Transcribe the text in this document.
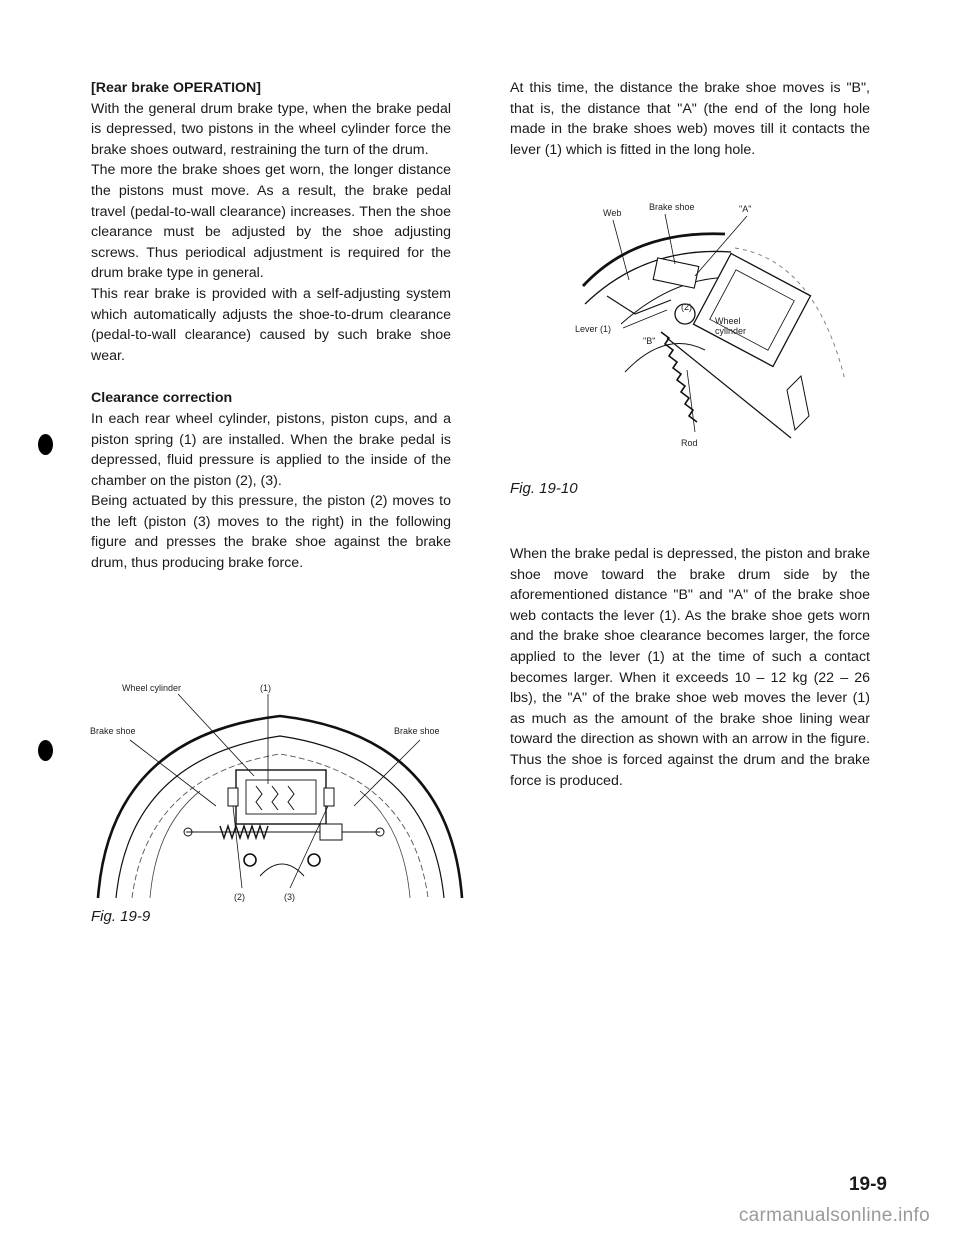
[Rear brake OPERATION]

With the general drum brake type, when the brake pedal is depressed, two pistons in the wheel cylinder force the brake shoes outward, restraining the turn of the drum.

The more the brake shoes get worn, the longer distance the pistons must move. As a result, the brake pedal travel (pedal-to-wall clearance) increases. Then the shoe clearance must be adjusted by the shoe adjusting screws. Thus periodical adjustment is required for the drum brake type in general.

This rear brake is provided with a self-adjusting system which automatically adjusts the shoe-to-drum clearance (pedal-to-wall clearance) caused by such brake shoe wear.

Clearance correction

In each rear wheel cylinder, pistons, piston cups, and a piston spring (1) are installed. When the brake pedal is depressed, fluid pressure is applied to the inside of the chamber on the piston (2), (3).

Being actuated by this pressure, the piston (2) moves to the left (piston (3) moves to the right) in the following figure and presses the brake shoe against the brake drum, thus producing brake force.

Wheel cylinder	(1)
Brake shoe	Brake shoe
(2)	(3)
Fig. 19-9

At this time, the distance the brake shoe moves is "B", that is, the distance that "A" (the end of the long hole made in the brake shoes web) moves till it contacts the lever (1) which is fitted in the long hole.

Web
Brake shoe	"A"
Lever (1)
"B"
(2)
Wheel
cylinder
Rod
Fig. 19-10

When the brake pedal is depressed, the piston and brake shoe move toward the brake drum side by the aforementioned distance "B" and "A" of the brake shoe web contacts the lever (1). As the brake shoe gets worn and the brake shoe clearance becomes larger, the force applied to the lever (1) at the time of such a contact becomes larger. When it exceeds 10 – 12 kg (22 – 26 lbs), the "A" of the brake shoe web moves the lever (1) as much as the amount of the brake shoe lining wear toward the direction as shown with an arrow in the figure. Thus the shoe is forced against the drum and the brake force is produced.

19-9
carmanualsonline.info
